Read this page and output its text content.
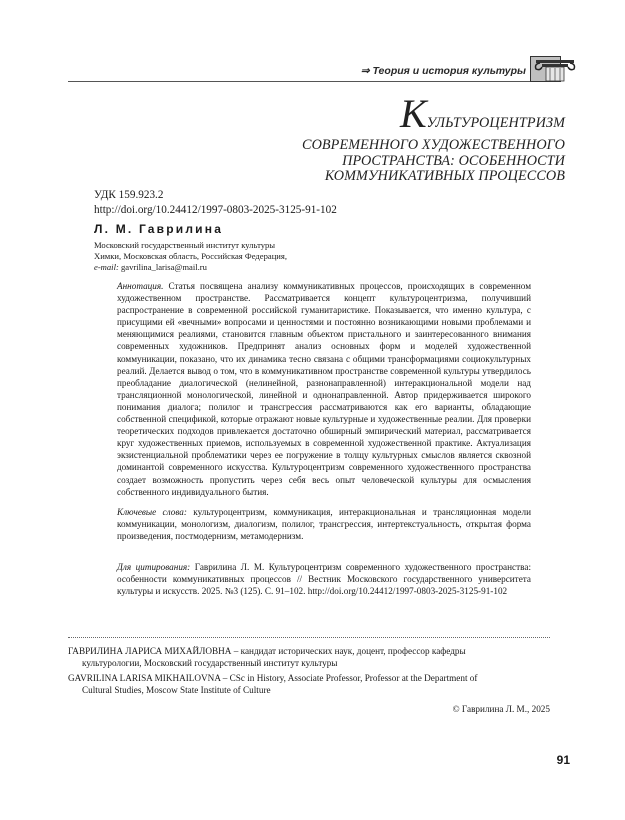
⇒ Теория и история культуры
КУЛЬТУРОЦЕНТРИЗМ
СОВРЕМЕННОГО ХУДОЖЕСТВЕННОГО
ПРОСТРАНСТВА: ОСОБЕННОСТИ
КОММУНИКАТИВНЫХ ПРОЦЕССОВ
УДК 159.923.2
http://doi.org/10.24412/1997-0803-2025-3125-91-102
Л. М. Гаврилина
Московский государственный институт культуры
Химки, Московская область, Российская Федерация,
e-mail: gavrilina_larisa@mail.ru
Аннотация. Статья посвящена анализу коммуникативных процессов, происходящих в современном художественном пространстве. Рассматривается концепт культуроцентризма, получивший распространение в современной российской гуманитаристике. Показывается, что именно культура, с присущими ей «вечными» вопросами и ценностями и постоянно возникающими новыми проблемами и меняющимися реалиями, становится главным объектом пристального и заинтересованного внимания современных художников. Предпринят анализ основных форм и моделей художественной коммуникации, показано, что их динамика тесно связана с общими трансформациями социокультурных реалий. Делается вывод о том, что в коммуникативном пространстве современной культуры утвердилось преобладание диалогической (нелинейной, разнонаправленной) интеракциональной модели над трансляционной монологической, линейной и однонаправленной. Автор придерживается широкого понимания диалога; полилог и трансгрессия рассматриваются как его варианты, обладающие собственной спецификой, которые отражают новые культурные и художественные реалии. Для проверки теоретических подходов привлекается достаточно обширный эмпирический материал, рассматривается круг художественных приемов, используемых в современной художественной практике. Актуализация экзистенциальной проблематики через ее погружение в толщу культурных смыслов является сквозной доминантой современного искусства. Культуроцентризм современного художественного пространства создает возможность пропустить через себя весь опыт человеческой культуры для осмысления собственного индивидуального бытия.
Ключевые слова: культуроцентризм, коммуникация, интеракциональная и трансляционная модели коммуникации, монологизм, диалогизм, полилог, трансгрессия, интертекстуальность, открытая форма произведения, постмодернизм, метамодернизм.
Для цитирования: Гаврилина Л. М. Культуроцентризм современного художественного пространства: особенности коммуникативных процессов // Вестник Московского государственного университета культуры и искусств. 2025. №3 (125). С. 91–102. http://doi.org/10.24412/1997-0803-2025-3125-91-102
ГАВРИЛИНА ЛАРИСА МИХАЙЛОВНА – кандидат исторических наук, доцент, профессор кафедры
культурологии, Московский государственный институт культуры
GAVRILINA LARISA MIKHAILOVNA – CSc in History, Associate Professor, Professor at the Department of
Cultural Studies, Moscow State Institute of Culture
© Гаврилина Л. М., 2025
91
